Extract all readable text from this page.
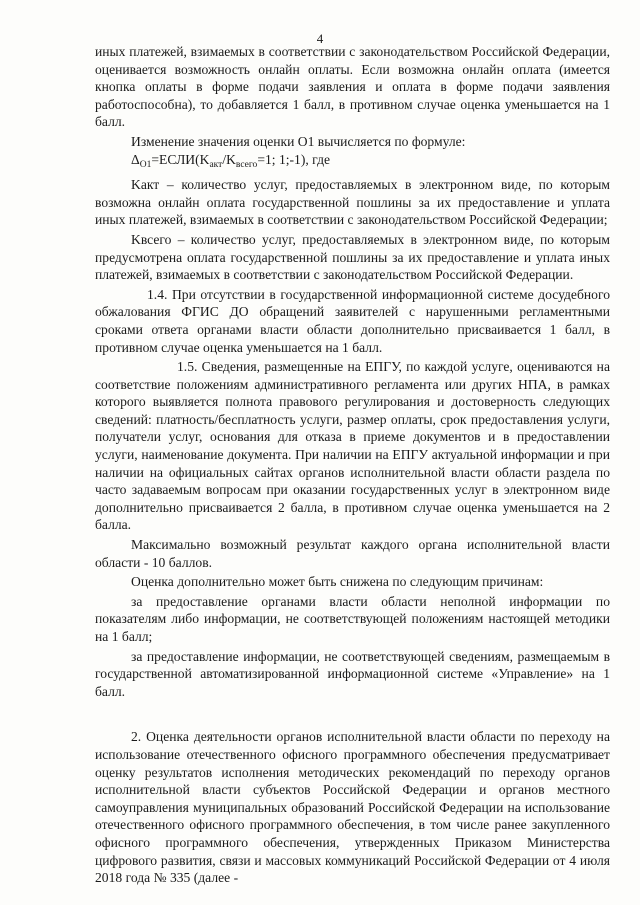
4

иных платежей, взимаемых в соответствии с законодательством Российской Федерации, оценивается возможность онлайн оплаты. Если возможна онлайн оплата (имеется кнопка оплаты в форме подачи заявления и оплата в форме подачи заявления работоспособна), то добавляется 1 балл, в противном случае оценка уменьшается на 1 балл.

Изменение значения оценки О1 вычисляется по формуле:

$\Delta_{О1}=ЕСЛИ(K_{акт}/K_{всего}=1$; 1;-1), где

Kакт – количество услуг, предоставляемых в электронном виде, по которым возможна онлайн оплата государственной пошлины за их предоставление и уплата иных платежей, взимаемых в соответствии с законодательством Российской Федерации;

Kвсего – количество услуг, предоставляемых в электронном виде, по которым предусмотрена оплата государственной пошлины за их предоставление и уплата иных платежей, взимаемых в соответствии с законодательством Российской Федерации.

1.4. При отсутствии в государственной информационной системе досудебного обжалования ФГИС ДО обращений заявителей с нарушенными регламентными сроками ответа органами власти области дополнительно присваивается 1 балл, в противном случае оценка уменьшается на 1 балл.

1.5. Сведения, размещенные на ЕПГУ, по каждой услуге, оцениваются на соответствие положениям административного регламента или других НПА, в рамках которого выявляется полнота правового регулирования и достоверность следующих сведений: платность/бесплатность услуги, размер оплаты, срок предоставления услуги, получатели услуг, основания для отказа в приеме документов и в предоставлении услуги, наименование документа. При наличии на ЕПГУ актуальной информации и при наличии на официальных сайтах органов исполнительной власти области раздела по часто задаваемым вопросам при оказании государственных услуг в электронном виде дополнительно присваивается 2 балла, в противном случае оценка уменьшается на 2 балла.

Максимально возможный результат каждого органа исполнительной власти области - 10 баллов.

Оценка дополнительно может быть снижена по следующим причинам:

за предоставление органами власти области неполной информации по показателям либо информации, не соответствующей положениям настоящей методики на 1 балл;

за предоставление информации, не соответствующей сведениям, размещаемым в государственной автоматизированной информационной системе «Управление» на 1 балл.

2. Оценка деятельности органов исполнительной власти области по переходу на использование отечественного офисного программного обеспечения предусматривает оценку результатов исполнения методических рекомендаций по переходу органов исполнительной власти субъектов Российской Федерации и органов местного самоуправления муниципальных образований Российской Федерации на использование отечественного офисного программного обеспечения, в том числе ранее закупленного офисного программного обеспечения, утвержденных Приказом Министерства цифрового развития, связи и массовых коммуникаций Российской Федерации от 4 июля 2018 года № 335 (далее -
